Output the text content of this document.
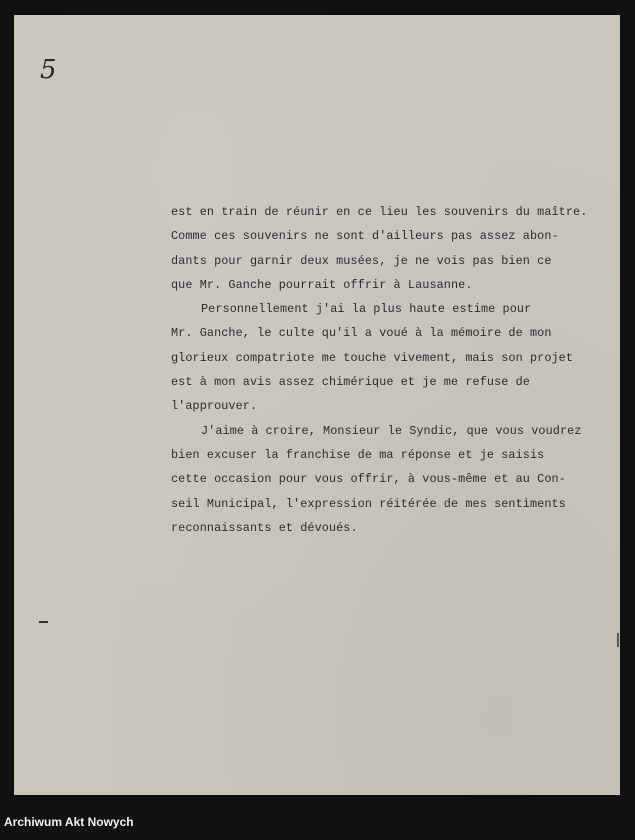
5
est en train de réunir en ce lieu les souvenirs du maître.
Comme ces souvenirs ne sont d'ailleurs pas assez abon-
dants pour garnir deux musées, je ne vois pas bien ce
que Mr. Ganche pourrait offrir à Lausanne.
Personnellement j'ai la plus haute estime pour
Mr. Ganche, le culte qu'il a voué à la mémoire de mon
glorieux compatriote me touche vivement, mais son projet
est à mon avis assez chimérique et je me refuse de
l'approuver.
J'aime à croire, Monsieur le Syndic, que vous voudrez
bien excuser la franchise de ma réponse et je saisis
cette occasion pour vous offrir, à vous-même et au Con-
seil Municipal, l'expression réitérée de mes sentiments
reconnaissants et dévoués.
Archiwum Akt Nowych
